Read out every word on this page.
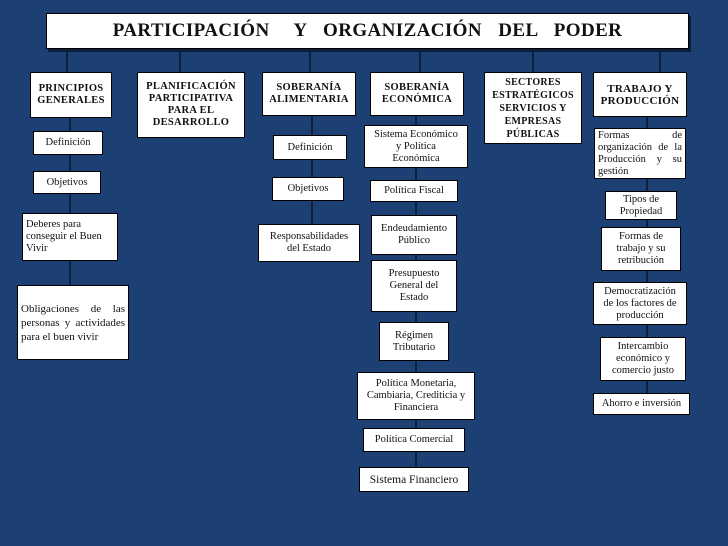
PARTICIPACIÓN   Y  ORGANIZACIÓN  DEL  PODER
PRINCIPIOS
GENERALES
Definición
Objetivos
Deberes para
conseguir el Buen
Vivir
Obligaciones de las personas y actividades para el buen vivir
PLANIFICACIÓN
PARTICIPATIVA
PARA EL
DESARROLLO
SOBERANÍA
ALIMENTARIA
Definición
Objetivos
Responsabilidades
del Estado
SOBERANÍA
ECONÓMICA
Sistema Económico
y Política
Económica
Política Fiscal
Endeudamiento
Público
Presupuesto
General del
Estado
Régimen
Tributario
Política Monetaria,
Cambiaria, Crediticia y
Financiera
Política Comercial
Sistema Financiero
SECTORES
ESTRATÉGICOS
SERVICIOS Y
EMPRESAS
PÚBLICAS
TRABAJO Y
PRODUCCIÓN
Formas de organización de la Producción y su gestión
Tipos de
Propiedad
Formas de
trabajo y su
retribución
Democratización
de los factores de
producción
Intercambio
económico y
comercio justo
Ahorro e inversión
